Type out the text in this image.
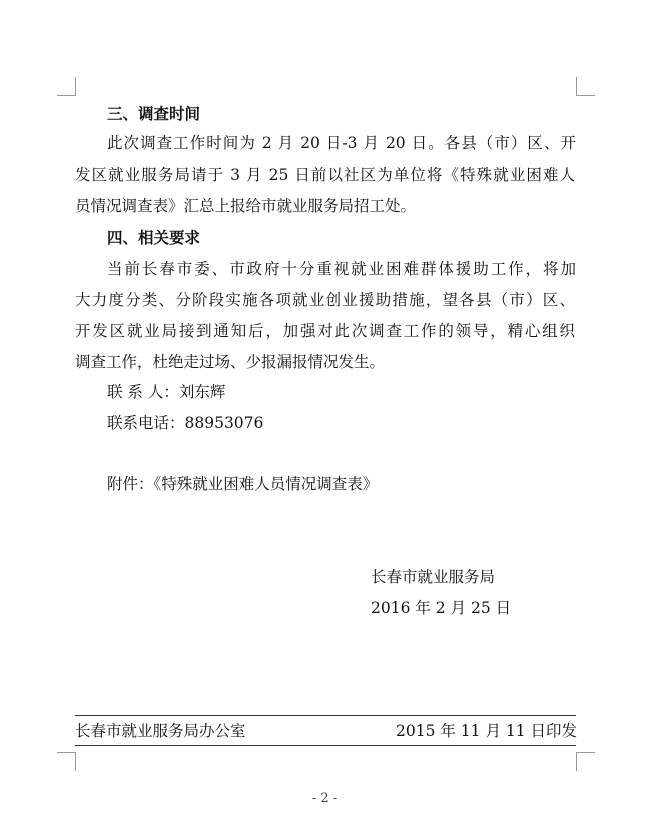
三、调查时间
此次调查工作时间为 2 月 20 日-3 月 20 日。各县（市）区、开
发区就业服务局请于 3 月 25 日前以社区为单位将《特殊就业困难人
员情况调查表》汇总上报给市就业服务局招工处。
四、相关要求
当前长春市委、市政府十分重视就业困难群体援助工作，将加
大力度分类、分阶段实施各项就业创业援助措施，望各县（市）区、
开发区就业局接到通知后，加强对此次调查工作的领导，精心组织
调查工作，杜绝走过场、少报漏报情况发生。
联 系 人：刘东辉
联系电话：88953076
附件：《特殊就业困难人员情况调查表》
长春市就业服务局
2016 年 2 月 25 日
长春市就业服务局办公室	2015 年 11 月 11 日印发
- 2 -
